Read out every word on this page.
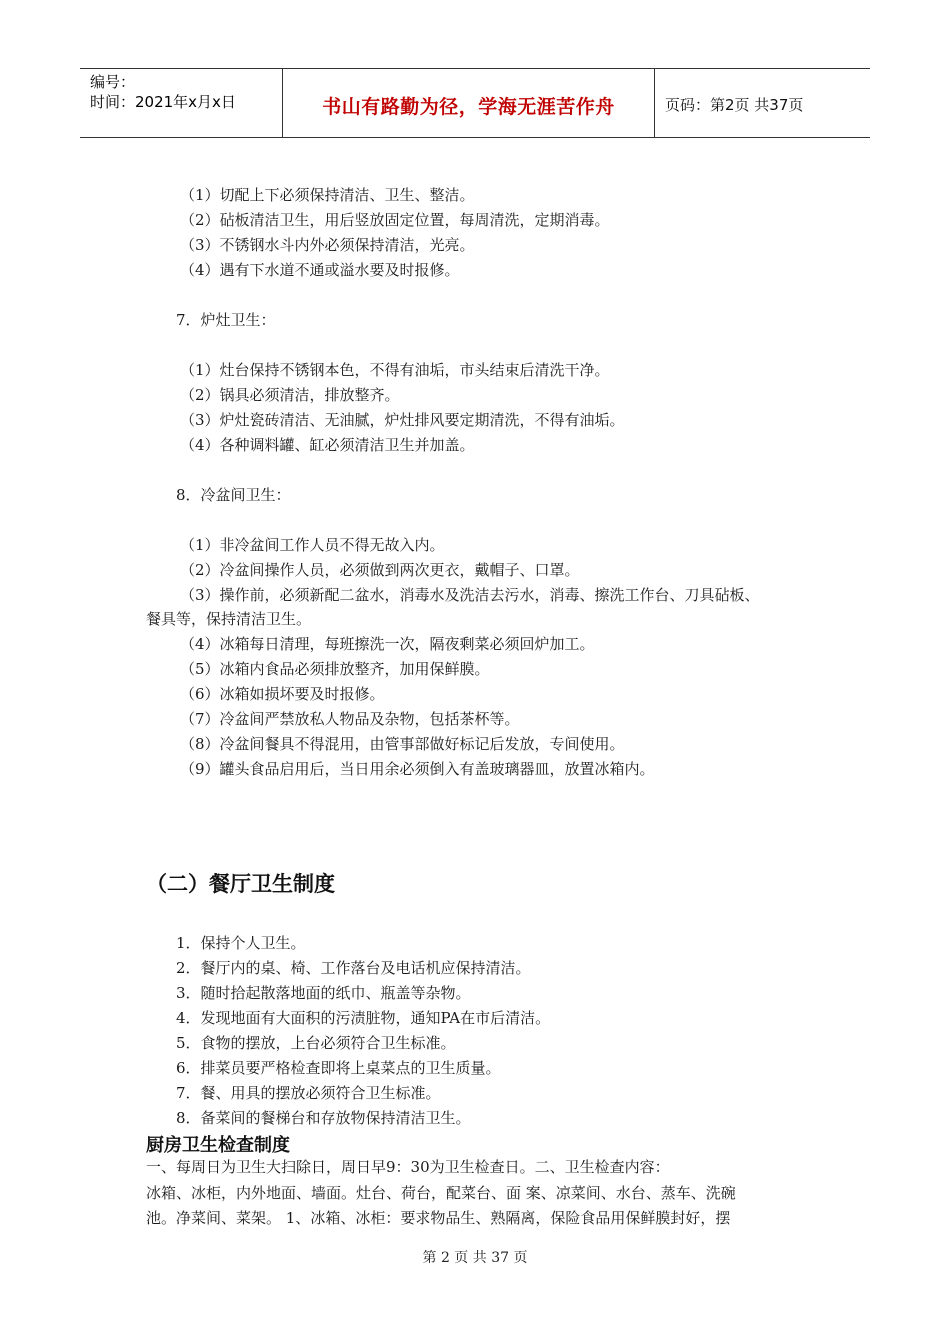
编号：
时间：2021年x月x日	书山有路勤为径，学海无涯苦作舟	页码：第2页 共37页
（1）切配上下必须保持清洁、卫生、整洁。
（2）砧板清洁卫生，用后竖放固定位置，每周清洗，定期消毒。
（3）不锈钢水斗内外必须保持清洁，光亮。
（4）遇有下水道不通或溢水要及时报修。
7．炉灶卫生：
（1）灶台保持不锈钢本色，不得有油垢，市头结束后清洗干净。
（2）锅具必须清洁，排放整齐。
（3）炉灶瓷砖清洁、无油腻，炉灶排风要定期清洗，不得有油垢。
（4）各种调料罐、缸必须清洁卫生并加盖。
8．冷盆间卫生：
（1）非冷盆间工作人员不得无故入内。
（2）冷盆间操作人员，必须做到两次更衣，戴帽子、口罩。
（3）操作前，必须新配二盆水，消毒水及洗洁去污水，消毒、擦洗工作台、刀具砧板、
餐具等，保持清洁卫生。
（4）冰箱每日清理，每班擦洗一次，隔夜剩菜必须回炉加工。
（5）冰箱内食品必须排放整齐，加用保鲜膜。
（6）冰箱如损坏要及时报修。
（7）冷盆间严禁放私人物品及杂物，包括茶杯等。
（8）冷盆间餐具不得混用，由管事部做好标记后发放，专间使用。
（9）罐头食品启用后，当日用余必须倒入有盖玻璃器皿，放置冰箱内。
（二）餐厅卫生制度
1．保持个人卫生。
2．餐厅内的桌、椅、工作落台及电话机应保持清洁。
3．随时拾起散落地面的纸巾、瓶盖等杂物。
4．发现地面有大面积的污渍脏物，通知PA在市后清洁。
5．食物的摆放，上台必须符合卫生标准。
6．排菜员要严格检查即将上桌菜点的卫生质量。
7．餐、用具的摆放必须符合卫生标准。
8．备菜间的餐梯台和存放物保持清洁卫生。
厨房卫生检查制度
一、每周日为卫生大扫除日，周日早9：30为卫生检查日。二、卫生检查内容：
冰箱、冰柜，内外地面、墙面。灶台、荷台，配菜台、面 案、凉菜间、水台、蒸车、洗碗
池。净菜间、菜架。 1、冰箱、冰柜：要求物品生、熟隔离，保险食品用保鲜膜封好，摆
第 2 页 共 37 页
